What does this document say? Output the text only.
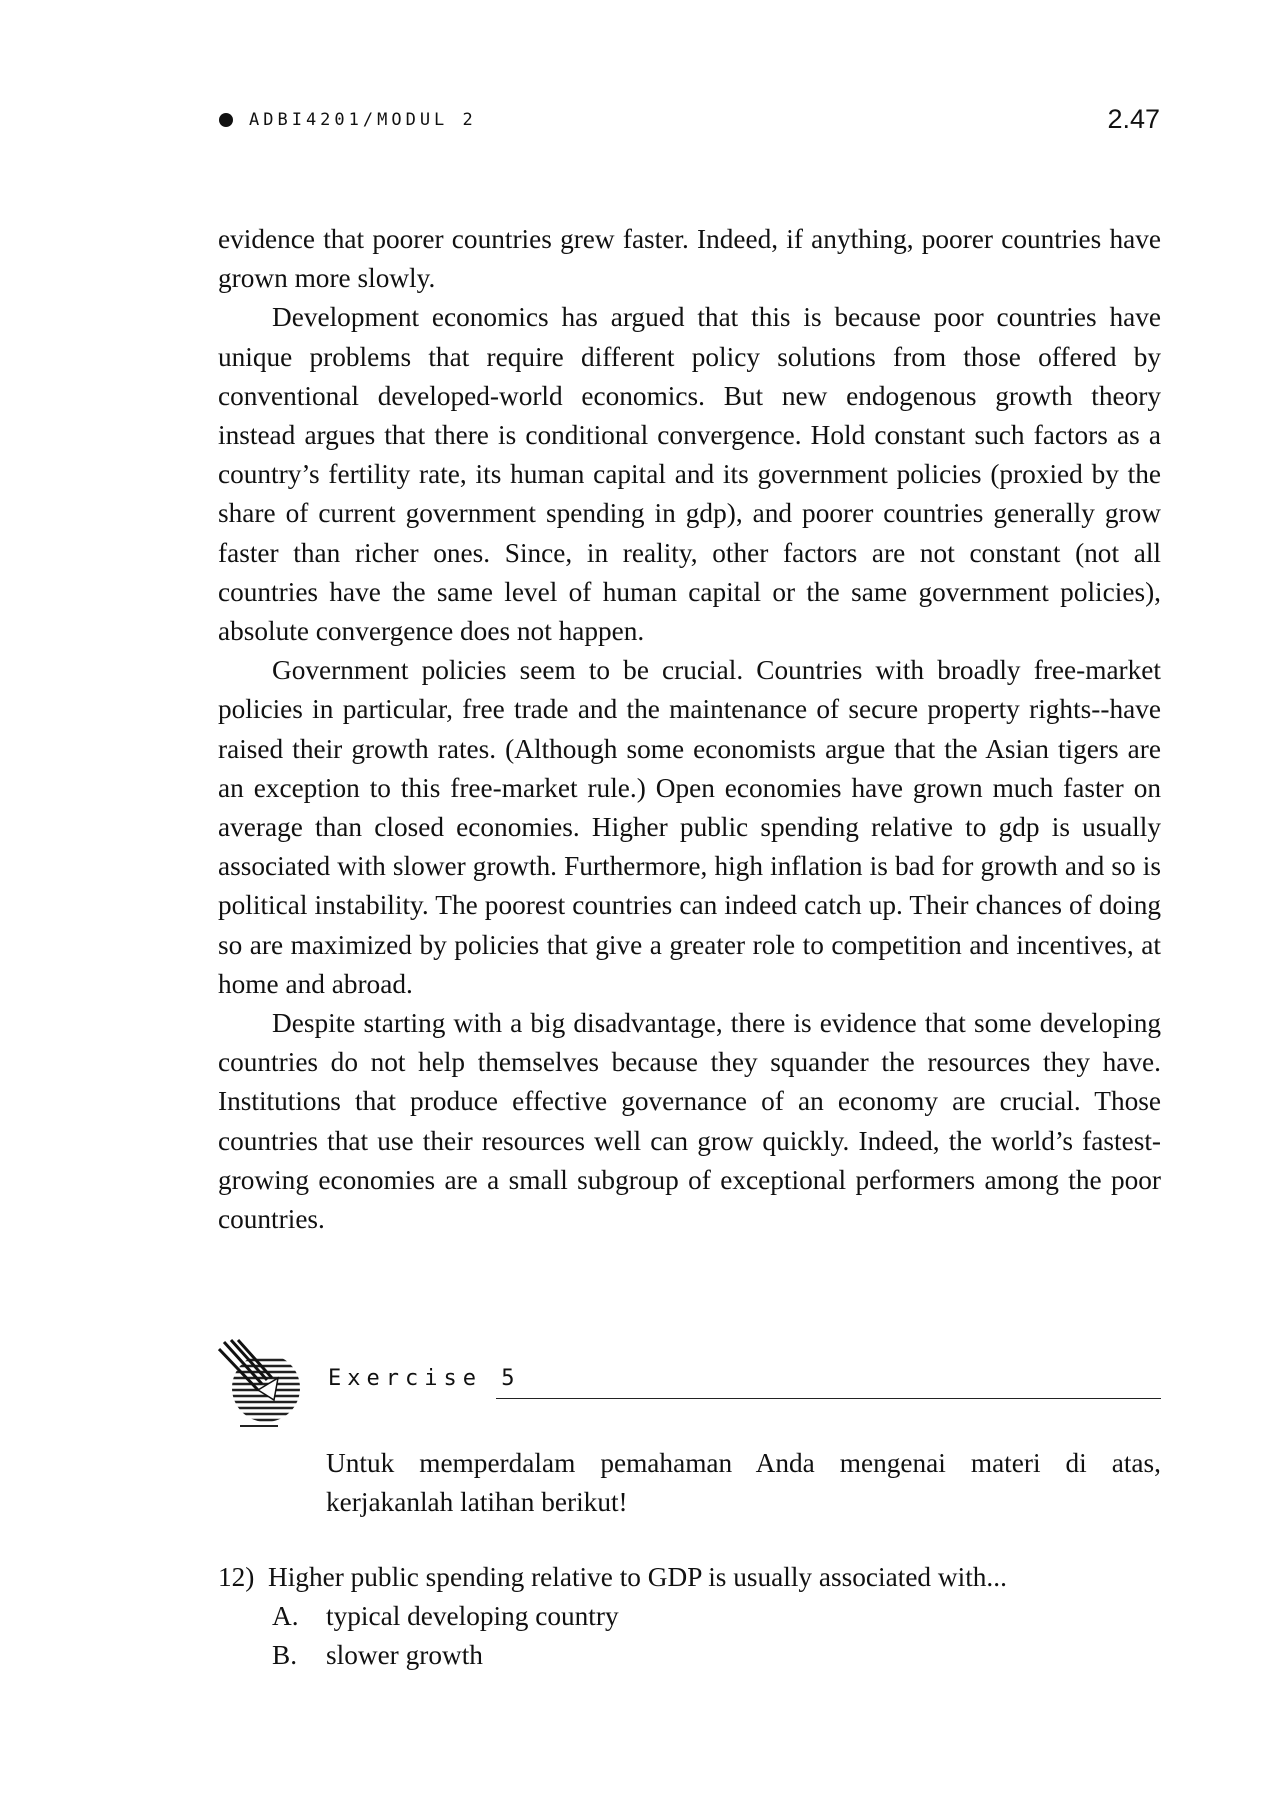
ADBI4201/MODUL 2	2.47

evidence that poorer countries grew faster. Indeed, if anything, poorer countries have grown more slowly.

Development economics has argued that this is because poor countries have unique problems that require different policy solutions from those offered by conventional developed-world economics. But new endogenous growth theory instead argues that there is conditional convergence. Hold constant such factors as a country’s fertility rate, its human capital and its government policies (proxied by the share of current government spending in gdp), and poorer countries generally grow faster than richer ones. Since, in reality, other factors are not constant (not all countries have the same level of human capital or the same government policies), absolute convergence does not happen.

Government policies seem to be crucial. Countries with broadly free-market policies in particular, free trade and the maintenance of secure property rights--have raised their growth rates. (Although some economists argue that the Asian tigers are an exception to this free-market rule.) Open economies have grown much faster on average than closed economies. Higher public spending relative to gdp is usually associated with slower growth. Furthermore, high inflation is bad for growth and so is political instability. The poorest countries can indeed catch up. Their chances of doing so are maximized by policies that give a greater role to competition and incentives, at home and abroad.

Despite starting with a big disadvantage, there is evidence that some developing countries do not help themselves because they squander the resources they have. Institutions that produce effective governance of an economy are crucial. Those countries that use their resources well can grow quickly. Indeed, the world’s fastest-growing economies are a small subgroup of exceptional performers among the poor countries.

Exercise 5

Untuk memperdalam pemahaman Anda mengenai materi di atas, kerjakanlah latihan berikut!

12) Higher public spending relative to GDP is usually associated with...
A.	typical developing country
B.	slower growth
